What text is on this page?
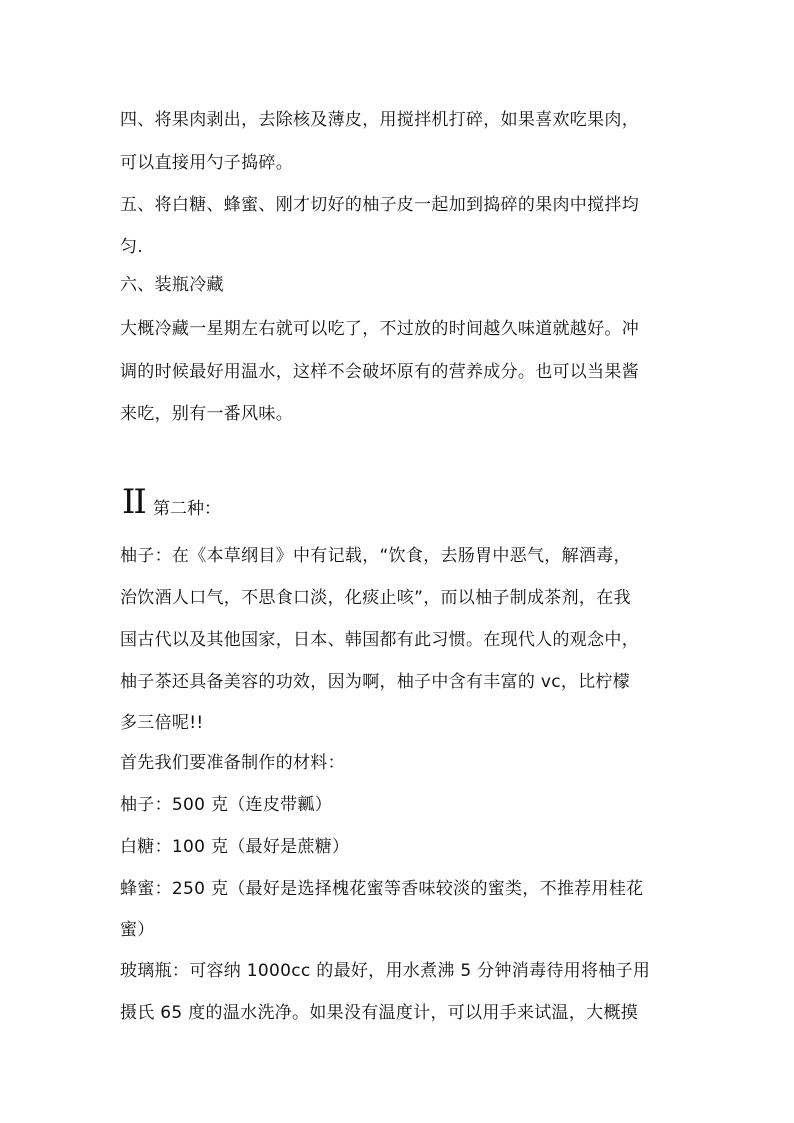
四、将果肉剥出，去除核及薄皮，用搅拌机打碎，如果喜欢吃果肉，
可以直接用勺子捣碎。
五、将白糖、蜂蜜、刚才切好的柚子皮一起加到捣碎的果肉中搅拌均
匀.
六、装瓶冷藏
大概冷藏一星期左右就可以吃了，不过放的时间越久味道就越好。冲
调的时候最好用温水，这样不会破坏原有的营养成分。也可以当果酱
来吃，别有一番风味。
II 第二种：
柚子：在《本草纲目》中有记载，“饮食，去肠胃中恶气，解酒毒，
治饮酒人口气，不思食口淡，化痰止咳”，而以柚子制成茶剂，在我
国古代以及其他国家，日本、韩国都有此习惯。在现代人的观念中，
柚子茶还具备美容的功效，因为啊，柚子中含有丰富的 vc，比柠檬
多三倍呢!!
首先我们要准备制作的材料：
柚子：500 克（连皮带瓤）
白糖：100 克（最好是蔗糖）
蜂蜜：250 克（最好是选择槐花蜜等香味较淡的蜜类，不推荐用桂花
蜜）
玻璃瓶：可容纳 1000cc 的最好，用水煮沸 5 分钟消毒待用将柚子用
摄氏 65 度的温水洗净。如果没有温度计，可以用手来试温，大概摸
